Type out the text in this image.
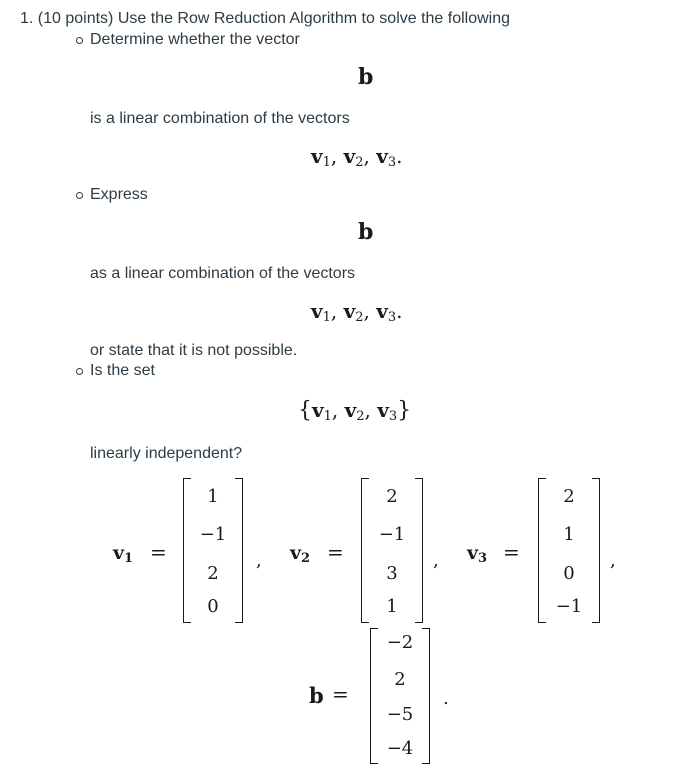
1. (10 points) Use the Row Reduction Algorithm to solve the following
Determine whether the vector
b
is a linear combination of the vectors
$v_1$, $v_2$, $v_3$.
Express
b
as a linear combination of the vectors
$v_1$, $v_2$, $v_3$.
or state that it is not possible.
Is the set
{$v_1$, $v_2$, $v_3$}
linearly independent?
$v_1$ =
1
−1
2
0
, $v_2$ =
2
−1
3
1
, $v_3$ =
2
1
0
−1
,
b =
−2
2
−5
−4
.
